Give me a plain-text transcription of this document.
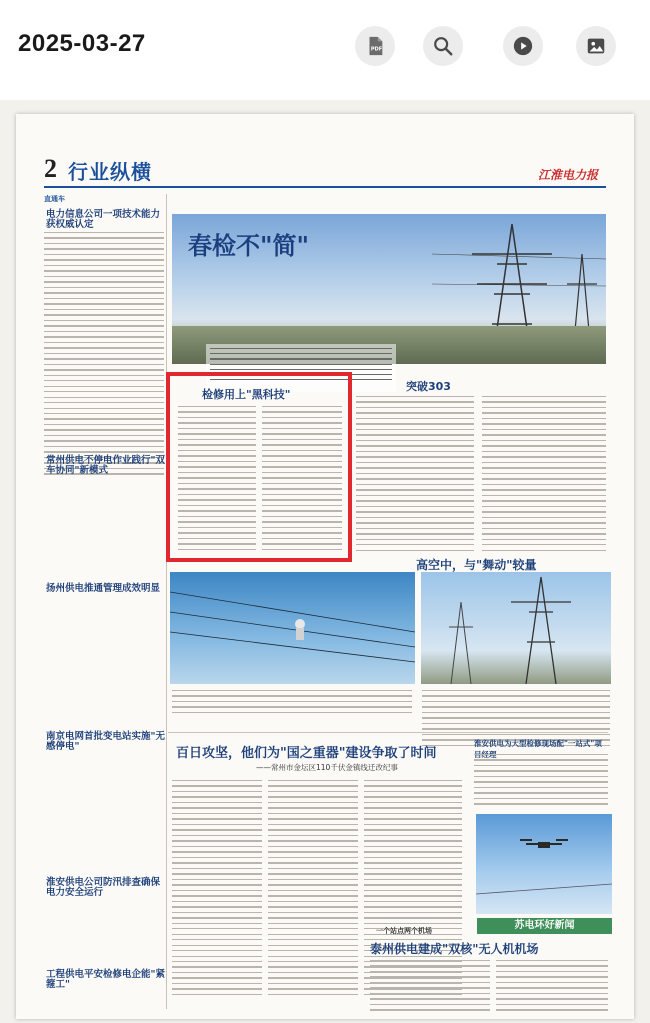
2025-03-27	PDF
2 行业纵横	江淮电力报
直通车
电力信息公司一项技术能力获权威认定
常州供电不停电作业践行"双车协同"新模式
扬州供电推通管理成效明显
南京电网首批变电站实施"无感停电"
淮安供电公司防汛排查确保电力安全运行
工程供电平安检修电企能"紧箍工"
春检不"简"
检修用上"黑科技"
突破303
高空中，与"舞动"较量
百日攻坚，他们为"国之重器"建设争取了时间
——常州市金坛区110千伏金镇线迁改纪事
淮安供电为大型检修现场配"一站式"项
苏电环好新闻
一个站点两个机场
泰州供电建成"双核"无人机机场
